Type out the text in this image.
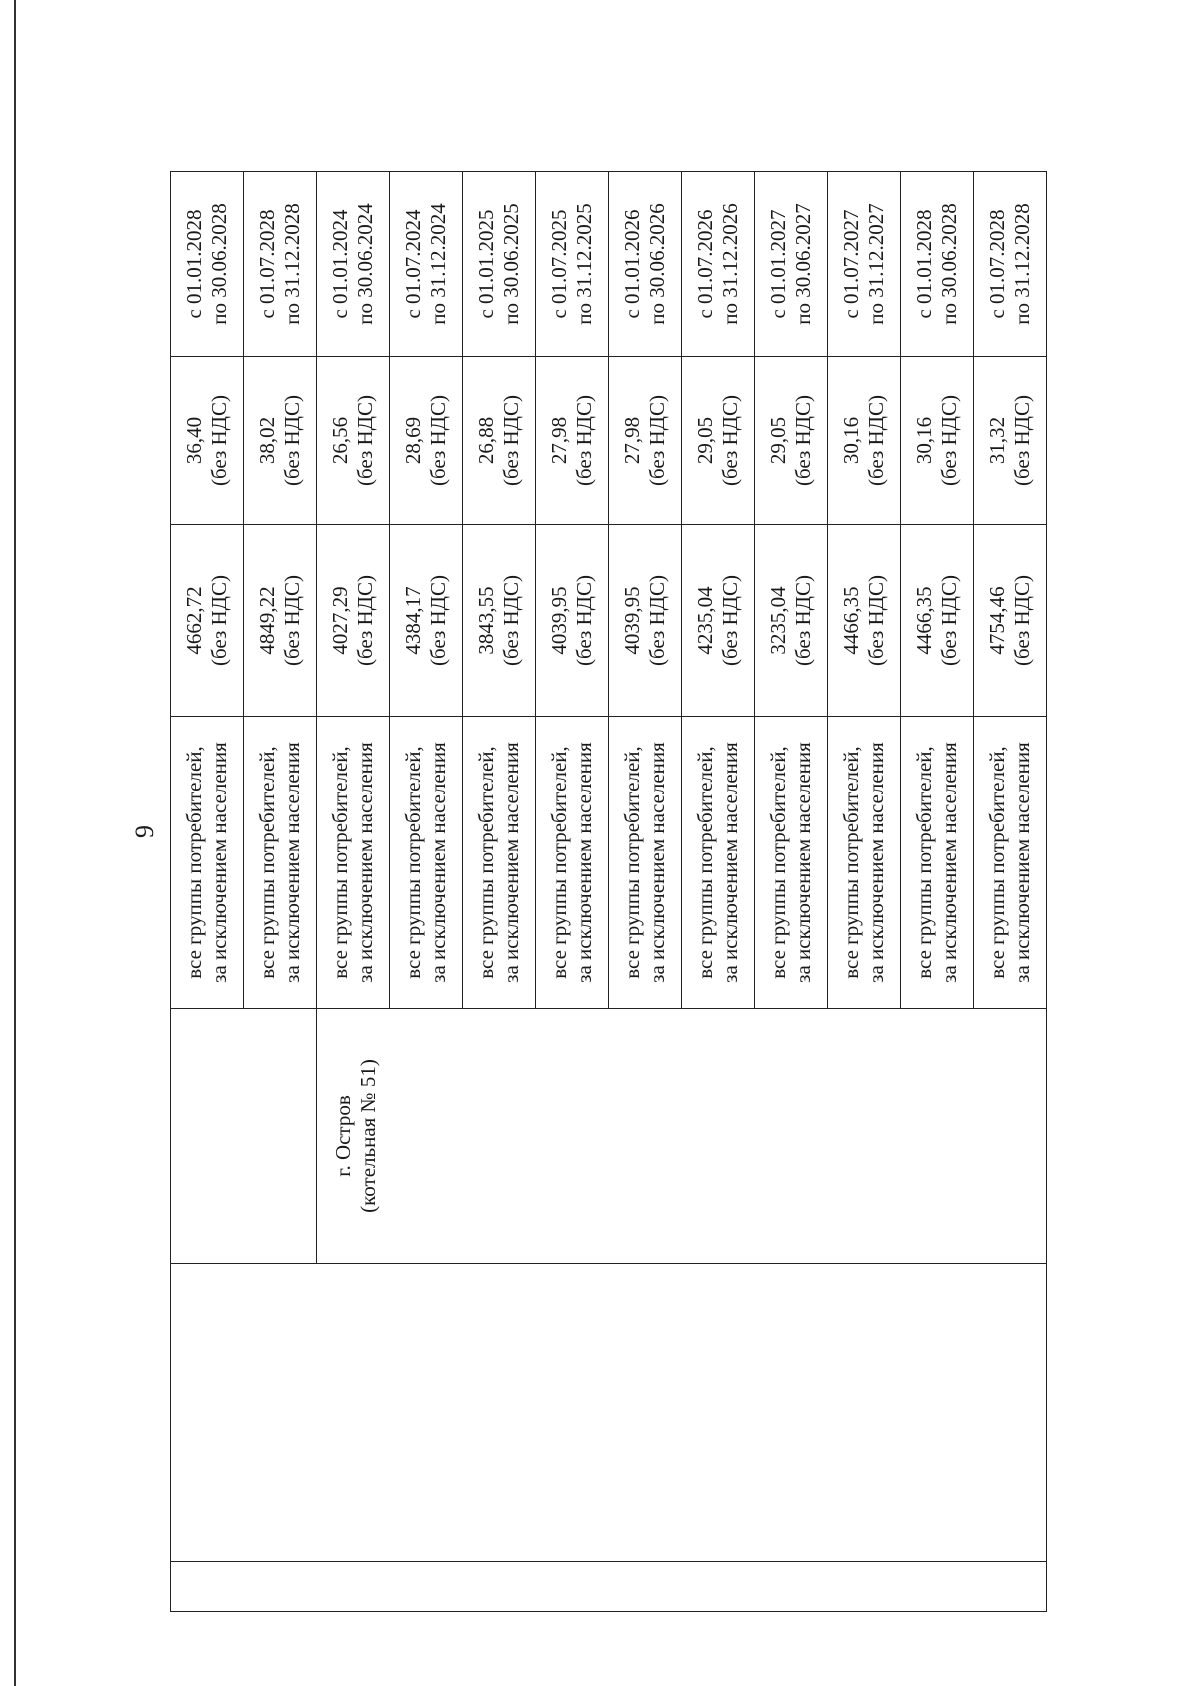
9

			все группы потребителей, за исключением населения	4662,72 (без НДС)	36,40 (без НДС)	с 01.01.2028 по 30.06.2028

			все группы потребителей, за исключением населения	4849,22 (без НДС)	38,02 (без НДС)	с 01.07.2028 по 31.12.2028

		г. Остров (котельная № 51)	все группы потребителей, за исключением населения	4027,29 (без НДС)	26,56 (без НДС)	с 01.01.2024 по 30.06.2024

			все группы потребителей, за исключением населения	4384,17 (без НДС)	28,69 (без НДС)	с 01.07.2024 по 31.12.2024

			все группы потребителей, за исключением населения	3843,55 (без НДС)	26,88 (без НДС)	с 01.01.2025 по 30.06.2025

			все группы потребителей, за исключением населения	4039,95 (без НДС)	27,98 (без НДС)	с 01.07.2025 по 31.12.2025

			все группы потребителей, за исключением населения	4039,95 (без НДС)	27,98 (без НДС)	с 01.01.2026 по 30.06.2026

			все группы потребителей, за исключением населения	4235,04 (без НДС)	29,05 (без НДС)	с 01.07.2026 по 31.12.2026

			все группы потребителей, за исключением населения	3235,04 (без НДС)	29,05 (без НДС)	с 01.01.2027 по 30.06.2027

			все группы потребителей, за исключением населения	4466,35 (без НДС)	30,16 (без НДС)	с 01.07.2027 по 31.12.2027

			все группы потребителей, за исключением населения	4466,35 (без НДС)	30,16 (без НДС)	с 01.01.2028 по 30.06.2028

			все группы потребителей, за исключением населения	4754,46 (без НДС)	31,32 (без НДС)	с 01.07.2028 по 31.12.2028
